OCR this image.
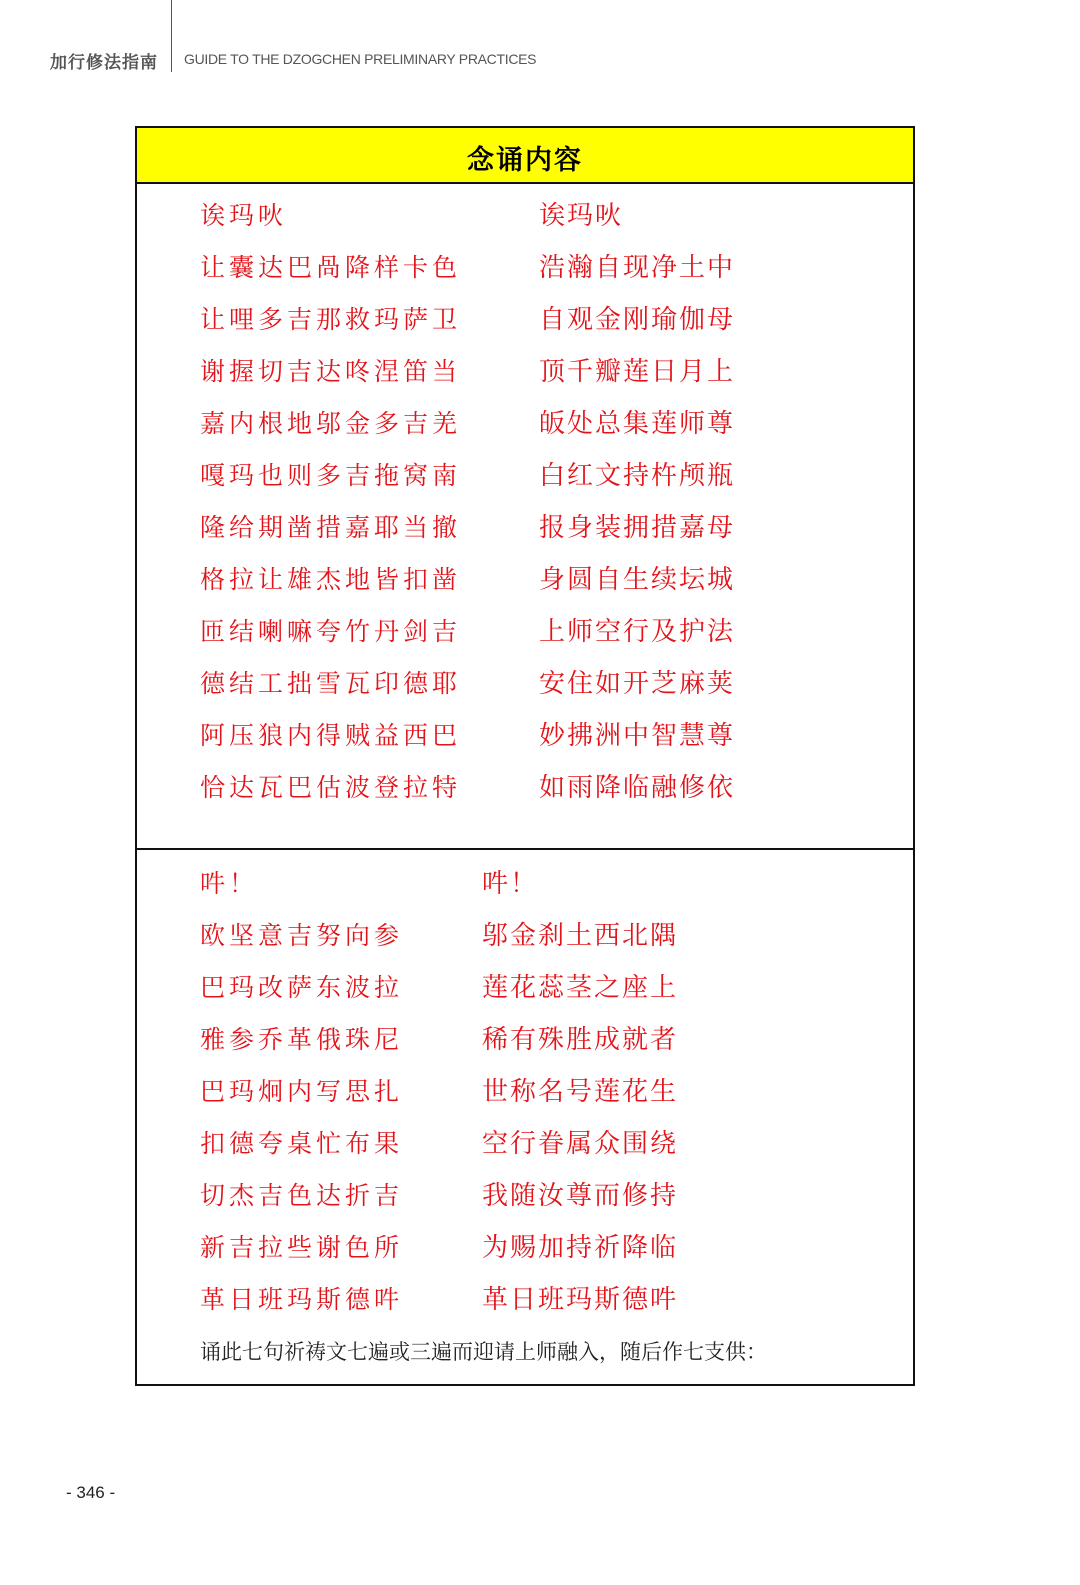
加行修法指南 GUIDE TO THE DZOGCHEN PRELIMINARY PRACTICES
念诵内容
诶玛吙
让囊达巴咼降样卡色
让哩多吉那救玛萨卫
谢握切吉达咚涅笛当
嘉内根地邬金多吉羌
嘎玛也则多吉拖窝南
隆给期凿措嘉耶当撤
格拉让雄杰地皆扣凿
匝结喇嘛夸竹丹剑吉
德结工拙雪瓦印德耶
阿压狼内得贼益西巴
恰达瓦巴估波登拉特
诶玛吙
浩瀚自现净土中
自观金刚瑜伽母
顶千瓣莲日月上
皈处总集莲师尊
白红文持杵颅瓶
报身装拥措嘉母
身圆自生续坛城
上师空行及护法
安住如开芝麻荚
妙拂洲中智慧尊
如雨降临融修依
吽！
欧坚意吉努向参
巴玛改萨东波拉
雅参乔革俄珠尼
巴玛炯内写思扎
扣德夸桌忙布果
切杰吉色达折吉
新吉拉些谢色所
革日班玛斯德吽
吽！
邬金刹土西北隅
莲花蕊茎之座上
稀有殊胜成就者
世称名号莲花生
空行眷属众围绕
我随汝尊而修持
为赐加持祈降临
革日班玛斯德吽
诵此七句祈祷文七遍或三遍而迎请上师融入，随后作七支供：
- 346 -
